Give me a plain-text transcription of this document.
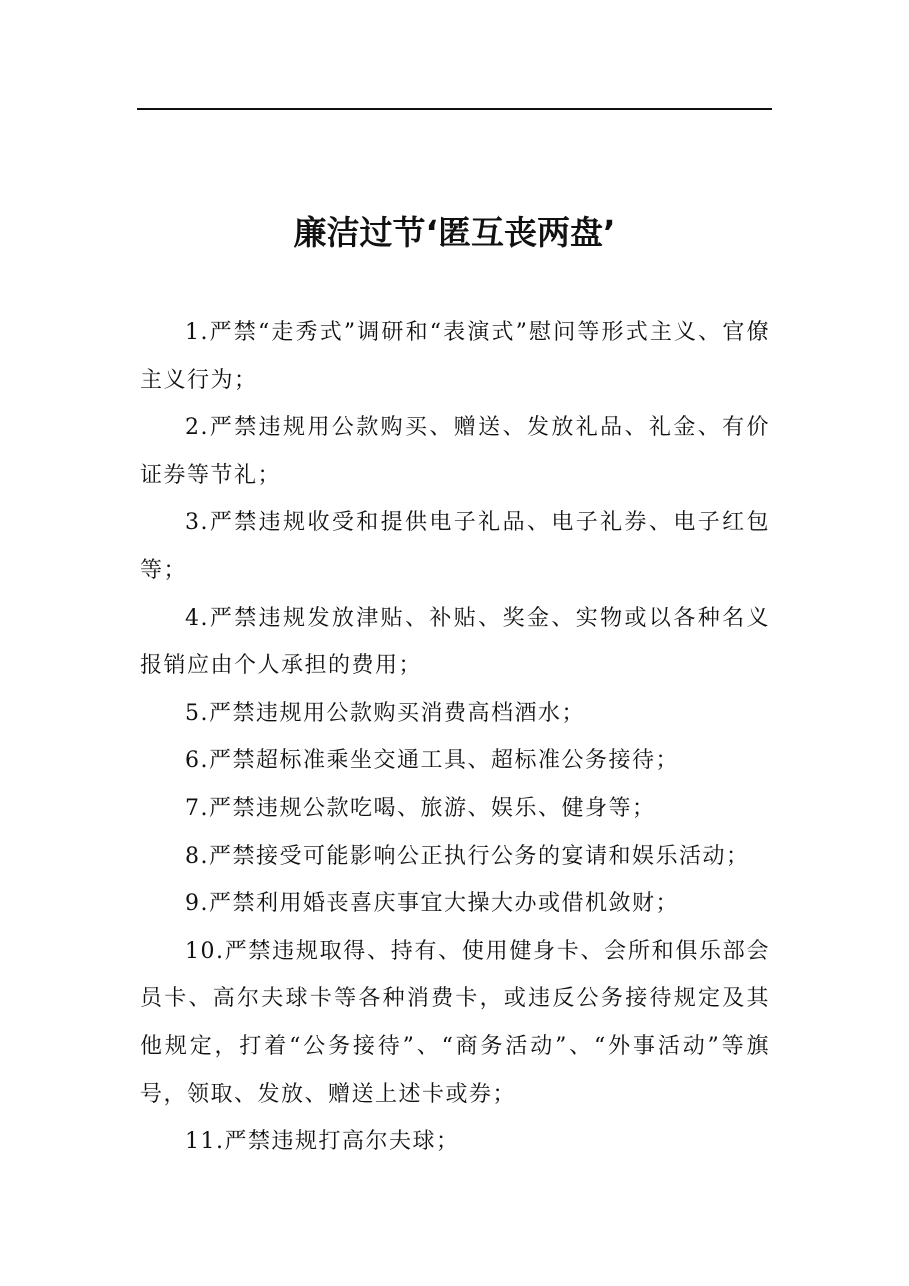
廉洁过节‘匿互丧两盘’

1.严禁“走秀式”调研和“表演式”慰问等形式主义、官僚主义行为；

2.严禁违规用公款购买、赠送、发放礼品、礼金、有价证券等节礼；

3.严禁违规收受和提供电子礼品、电子礼券、电子红包等；

4.严禁违规发放津贴、补贴、奖金、实物或以各种名义报销应由个人承担的费用；

5.严禁违规用公款购买消费高档酒水；

6.严禁超标准乘坐交通工具、超标准公务接待；

7.严禁违规公款吃喝、旅游、娱乐、健身等；

8.严禁接受可能影响公正执行公务的宴请和娱乐活动；

9.严禁利用婚丧喜庆事宜大操大办或借机敛财；

10.严禁违规取得、持有、使用健身卡、会所和俱乐部会员卡、高尔夫球卡等各种消费卡，或违反公务接待规定及其他规定，打着“公务接待”、“商务活动”、“外事活动”等旗号，领取、发放、赠送上述卡或券；

11.严禁违规打高尔夫球；
